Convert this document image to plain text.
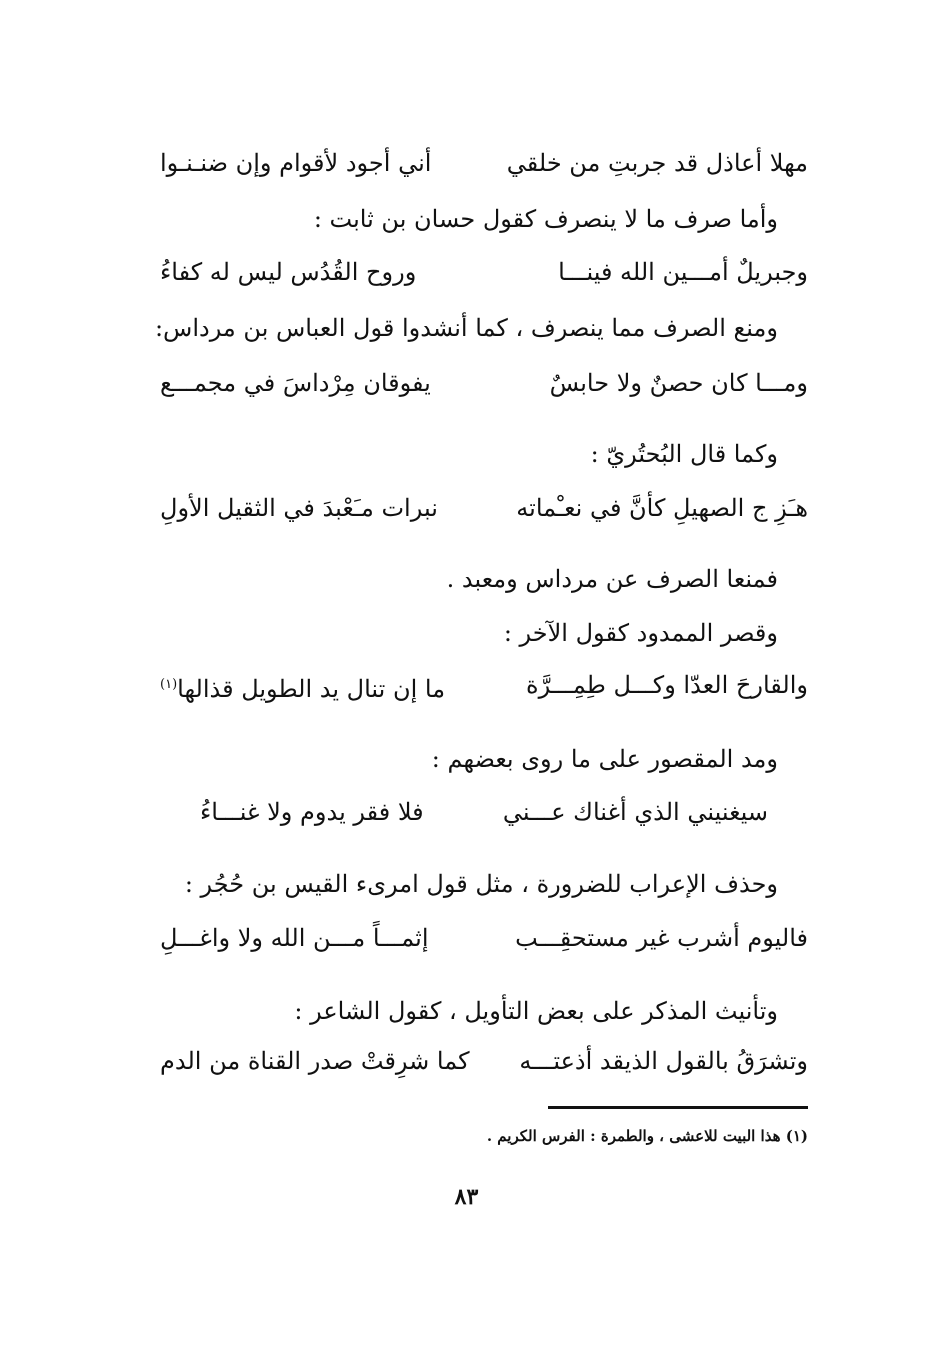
مهلا أعاذل قد جربتِ من خلقي
أني أجود لأقوام وإن ضنـنـوا
وأما صرف ما لا ينصرف كقول حسان بن ثابت :
وجبريلٌ أمـــين الله فينـــا
وروح القُدُس ليس له كفاءُ
ومنع الصرف مما ينصرف ، كما أنشدوا قول العباس بن مرداس:
ومـــا كان حصنٌ ولا حابسٌ
يفوقان مِرْداسَ في مجمـــع
وكما قال البُحتُريّ :
هـَزِ ج الصهيلِ كأنَّ في نعـْماته
نبرات مـَعْبدَ في الثقيل الأولِ
فمنعا الصرف عن مرداس ومعبد .
وقصر الممدود كقول الآخر :
والقارحَ العدّا وكـــل طِمِـــرَّة
ما إن تنال يد الطويل قذالها$^{(١)}$
ومد المقصور على ما روى بعضهم :
سيغنيني الذي أغناك عـــني
فلا فقر يدوم ولا غنـــاءُ
وحذف الإعراب للضرورة ، مثل قول امرىء القيس بن حُجُر :
فاليوم أشرب غير مستحقِـــب
إثمـــاً مـــن الله ولا واغـــلِ
وتأنيث المذكر على بعض التأويل ، كقول الشاعر :
وتشرَقُ بالقول الذيقد أذعتـــه
كما شرِقتْ صدر القناة من الدم
(١) هذا البيت للاعشى ، والطمرة : الفرس الكريم .
٨٣
